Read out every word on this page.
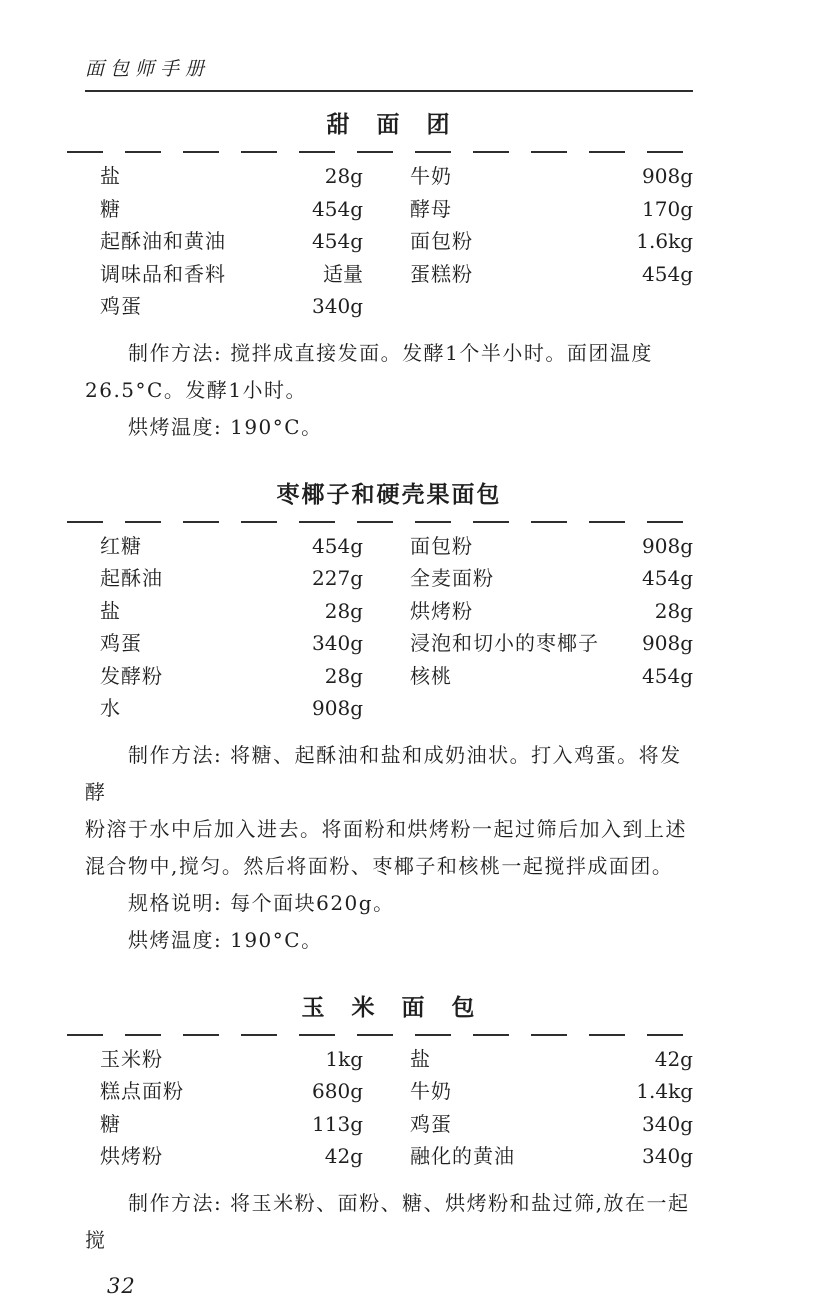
面包师手册
甜　面　团
盐	28g 牛奶	908g
糖	454g 酵母	170g
起酥油和黄油	454g 面包粉	1.6kg
调味品和香料	适量 蛋糕粉	454g
鸡蛋	340g
制作方法: 搅拌成直接发面。发酵1个半小时。面团温度
26.5°C。发酵1小时。
烘烤温度: 190°C。
枣椰子和硬壳果面包
红糖	454g 面包粉	908g
起酥油	227g 全麦面粉	454g
盐	28g 烘烤粉	28g
鸡蛋	340g 浸泡和切小的枣椰子	908g
发酵粉	28g 核桃	454g
水	908g
制作方法: 将糖、起酥油和盐和成奶油状。打入鸡蛋。将发酵
粉溶于水中后加入进去。将面粉和烘烤粉一起过筛后加入到上述
混合物中,搅匀。然后将面粉、枣椰子和核桃一起搅拌成面团。
规格说明: 每个面块620g。
烘烤温度: 190°C。
玉　米　面　包
玉米粉	1kg 盐	42g
糕点面粉	680g 牛奶	1.4kg
糖	113g 鸡蛋	340g
烘烤粉	42g 融化的黄油	340g
制作方法: 将玉米粉、面粉、糖、烘烤粉和盐过筛,放在一起搅
32
